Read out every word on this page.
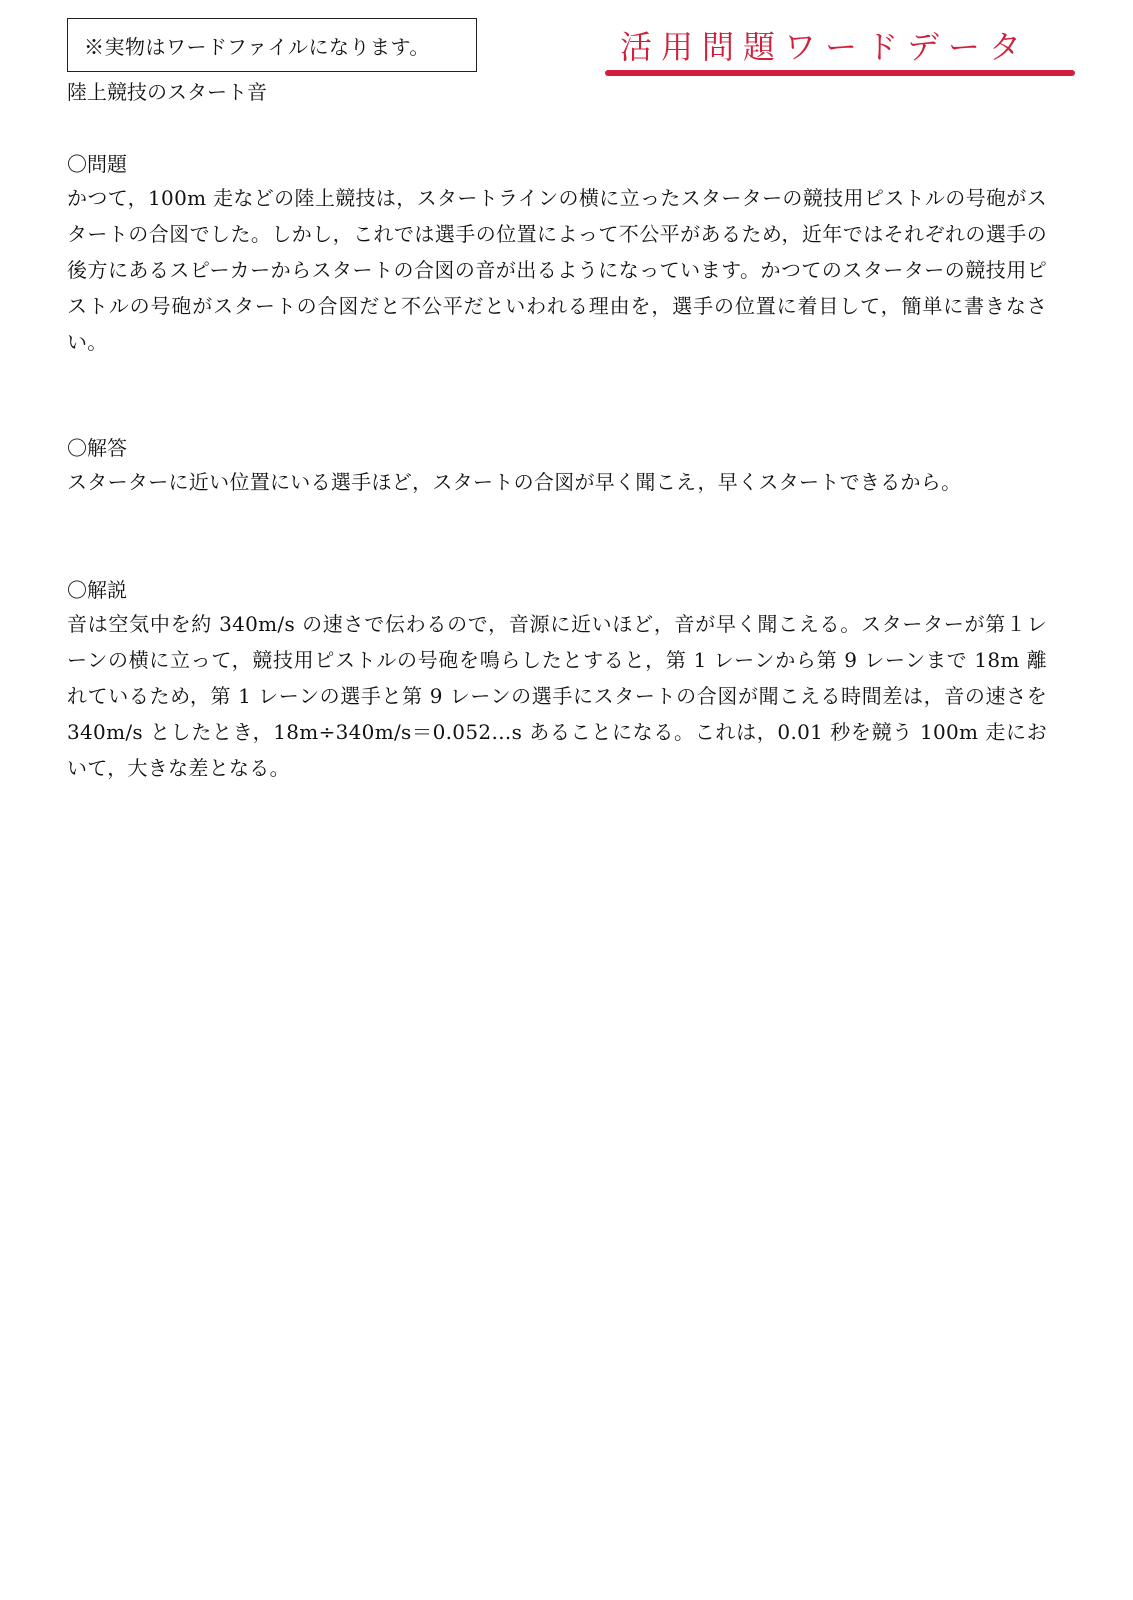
※実物はワードファイルになります。	活用問題ワードデータ
陸上競技のスタート音
〇問題
かつて，100m 走などの陸上競技は，スタートラインの横に立ったスターターの競技用ピストルの号砲がスタートの合図でした。しかし，これでは選手の位置によって不公平があるため，近年ではそれぞれの選手の後方にあるスピーカーからスタートの合図の音が出るようになっています。かつてのスターターの競技用ピストルの号砲がスタートの合図だと不公平だといわれる理由を，選手の位置に着目して，簡単に書きなさい。
〇解答
スターターに近い位置にいる選手ほど，スタートの合図が早く聞こえ，早くスタートできるから。
〇解説
音は空気中を約 340m/s の速さで伝わるので，音源に近いほど，音が早く聞こえる。スターターが第１レーンの横に立って，競技用ピストルの号砲を鳴らしたとすると，第 1 レーンから第 9 レーンまで 18m 離れているため，第 1 レーンの選手と第 9 レーンの選手にスタートの合図が聞こえる時間差は，音の速さを 340m/s としたとき，18m÷340m/s＝0.052…s あることになる。これは，0.01 秒を競う 100m 走において，大きな差となる。
